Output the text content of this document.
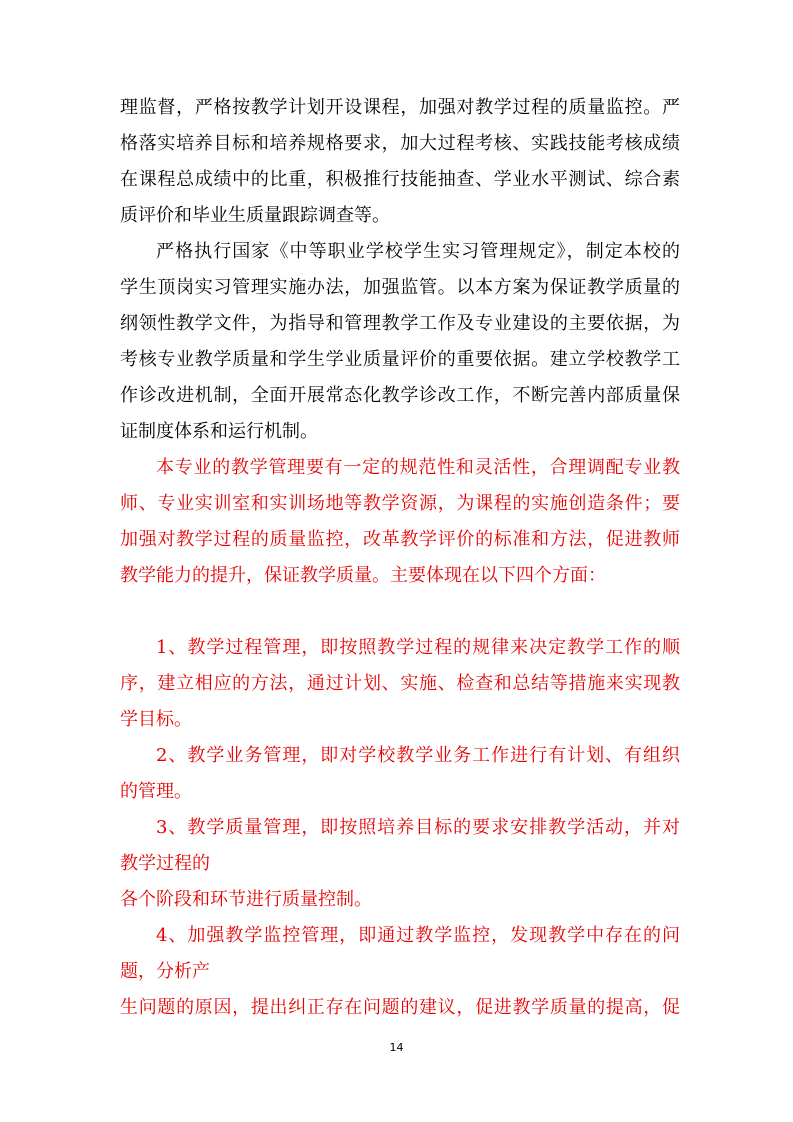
理监督，严格按教学计划开设课程，加强对教学过程的质量监控。严
格落实培养目标和培养规格要求，加大过程考核、实践技能考核成绩
在课程总成绩中的比重，积极推行技能抽查、学业水平测试、综合素
质评价和毕业生质量跟踪调查等。
严格执行国家《中等职业学校学生实习管理规定》，制定本校的
学生顶岗实习管理实施办法，加强监管。以本方案为保证教学质量的
纲领性教学文件，为指导和管理教学工作及专业建设的主要依据，为
考核专业教学质量和学生学业质量评价的重要依据。建立学校教学工
作诊改进机制，全面开展常态化教学诊改工作，不断完善内部质量保
证制度体系和运行机制。
本专业的教学管理要有一定的规范性和灵活性，合理调配专业教
师、专业实训室和实训场地等教学资源，为课程的实施创造条件；要
加强对教学过程的质量监控，改革教学评价的标准和方法，促进教师
教学能力的提升，保证教学质量。主要体现在以下四个方面：
1、教学过程管理，即按照教学过程的规律来决定教学工作的顺
序，建立相应的方法，通过计划、实施、检查和总结等措施来实现教
学目标。
2、教学业务管理，即对学校教学业务工作进行有计划、有组织
的管理。
3、教学质量管理，即按照培养目标的要求安排教学活动，并对
教学过程的
各个阶段和环节进行质量控制。
4、加强教学监控管理，即通过教学监控，发现教学中存在的问
题，分析产
生问题的原因，提出纠正存在问题的建议，促进教学质量的提高，促
14
